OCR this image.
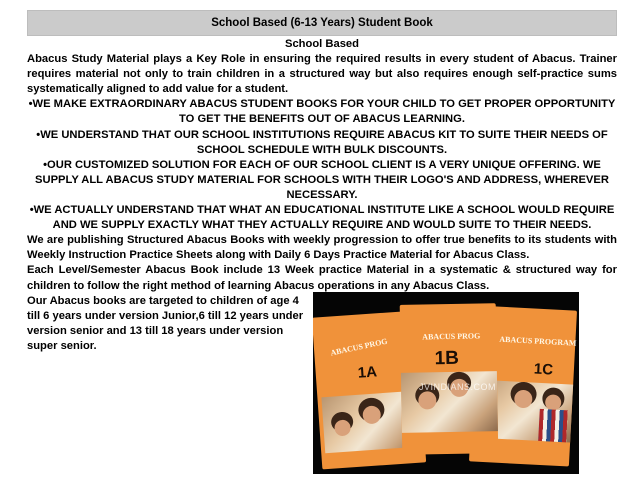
School Based (6-13 Years) Student Book
School Based
Abacus Study Material plays a Key Role in ensuring the required results in every student of Abacus. Trainer requires material not only to train children in a structured way but also requires enough self-practice sums systematically aligned to add value for a student.
•WE MAKE EXTRAORDINARY ABACUS STUDENT BOOKS FOR YOUR CHILD TO GET PROPER OPPORTUNITY TO GET THE BENEFITS OUT OF ABACUS LEARNING.
•WE UNDERSTAND THAT OUR SCHOOL INSTITUTIONS REQUIRE ABACUS KIT TO SUITE THEIR NEEDS OF SCHOOL SCHEDULE WITH BULK DISCOUNTS.
•OUR CUSTOMIZED SOLUTION FOR EACH OF OUR SCHOOL CLIENT IS A VERY UNIQUE OFFERING. WE SUPPLY ALL ABACUS STUDY MATERIAL FOR SCHOOLS WITH THEIR LOGO'S AND ADDRESS, WHEREVER NECESSARY.
•WE ACTUALLY UNDERSTAND THAT WHAT AN EDUCATIONAL INSTITUTE LIKE A SCHOOL WOULD REQUIRE AND WE SUPPLY EXACTLY WHAT THEY ACTUALLY REQUIRE AND WOULD SUITE TO THEIR NEEDS.
We are publishing Structured Abacus Books with weekly progression to offer true benefits to its students with Weekly Instruction Practice Sheets along with Daily 6 Days Practice Material for Abacus Class.
Each Level/Semester Abacus Book include 13 Week practice Material in a systematic & structured way for children to follow the right method of learning Abacus operations in any Abacus Class.
Our Abacus books are targeted to children of age 4 till 6 years under version Junior,6 till 12 years under version senior and 13 till 18 years under version super senior.	ABACUS PROG
1A
ABACUS PROGRAM
1C
ABACUS PROG
1B
JVINDIANS.COM
